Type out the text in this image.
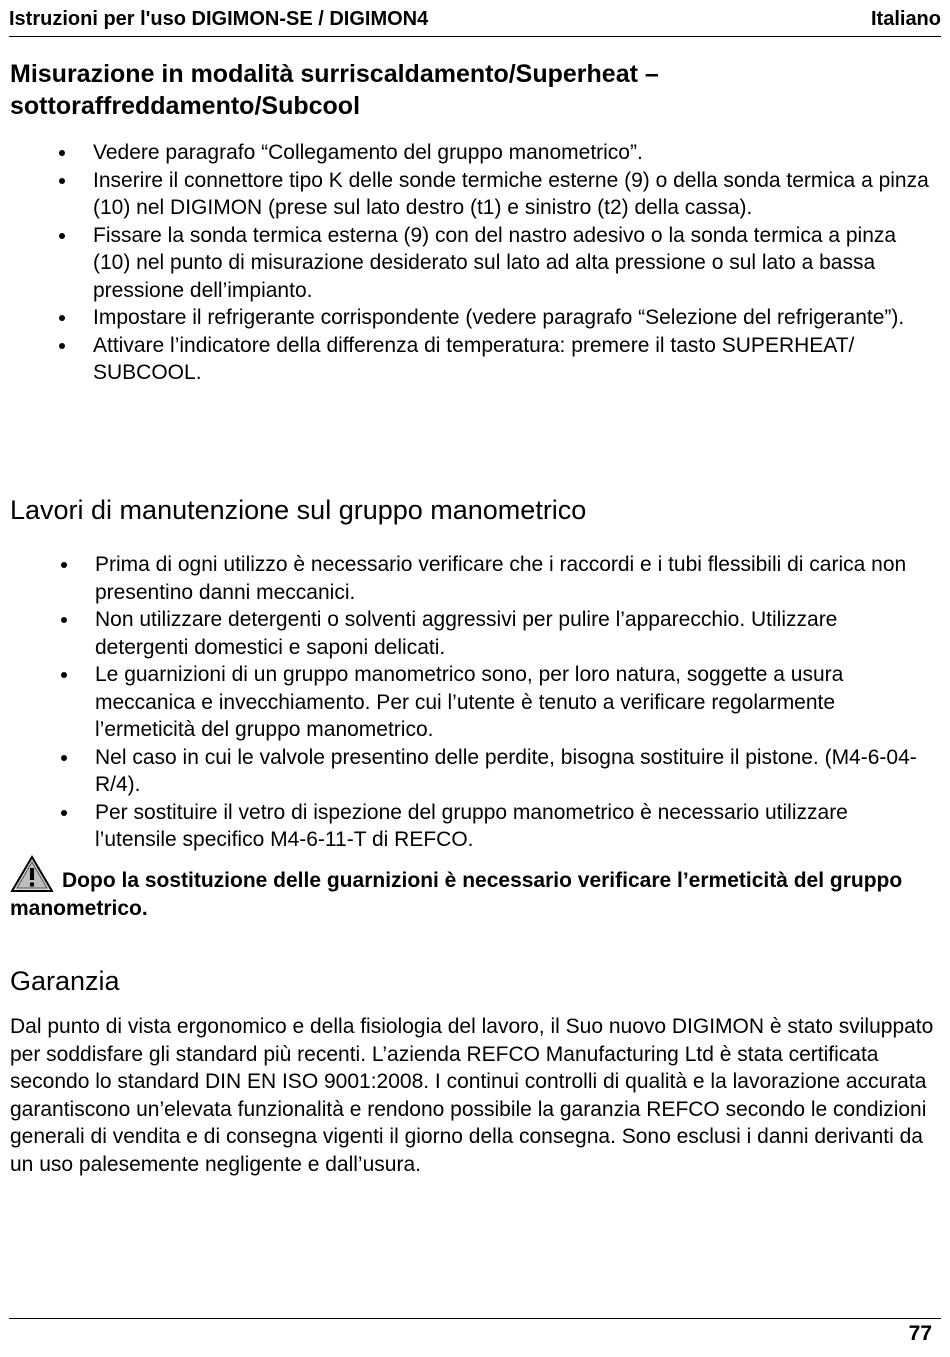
Istruzioni per l'uso DIGIMON-SE / DIGIMON4	Italiano
Misurazione in modalità surriscaldamento/Superheat –
sottoraffreddamento/Subcool
Vedere paragrafo “Collegamento del gruppo manometrico”.
Inserire il connettore tipo K delle sonde termiche esterne (9) o della sonda termica a pinza (10) nel DIGIMON (prese sul lato destro (t1) e sinistro (t2) della cassa).
Fissare la sonda termica esterna (9) con del nastro adesivo o la sonda termica a pinza (10) nel punto di misurazione desiderato sul lato ad alta pressione o sul lato a bassa pressione dell’impianto.
Impostare il refrigerante corrispondente (vedere paragrafo “Selezione del refrigerante”).
Attivare l’indicatore della differenza di temperatura: premere il tasto SUPERHEAT/ SUBCOOL.
Lavori di manutenzione sul gruppo manometrico
Prima di ogni utilizzo è necessario verificare che i raccordi e i tubi flessibili di carica non presentino danni meccanici.
Non utilizzare detergenti o solventi aggressivi per pulire l’apparecchio. Utilizzare detergenti domestici e saponi delicati.
Le guarnizioni di un gruppo manometrico sono, per loro natura, soggette a usura meccanica e invecchiamento. Per cui l’utente è tenuto a verificare regolarmente l’ermeticità del gruppo manometrico.
Nel caso in cui le valvole presentino delle perdite, bisogna sostituire il pistone. (M4-6-04-R/4).
Per sostituire il vetro di ispezione del gruppo manometrico è necessario utilizzare l’utensile specifico M4-6-11-T di REFCO.
Dopo la sostituzione delle guarnizioni è necessario verificare l’ermeticità del gruppo manometrico.
Garanzia

Dal punto di vista ergonomico e della fisiologia del lavoro, il Suo nuovo DIGIMON è stato sviluppato per soddisfare gli standard più recenti. L’azienda REFCO Manufacturing Ltd è stata certificata secondo lo standard DIN EN ISO 9001:2008. I continui controlli di qualità e la lavorazione accurata garantiscono un’elevata funzionalità e rendono possibile la garanzia REFCO secondo le condizioni generali di vendita e di consegna vigenti il giorno della consegna. Sono esclusi i danni derivanti da un uso palesemente negligente e dall’usura.

77
